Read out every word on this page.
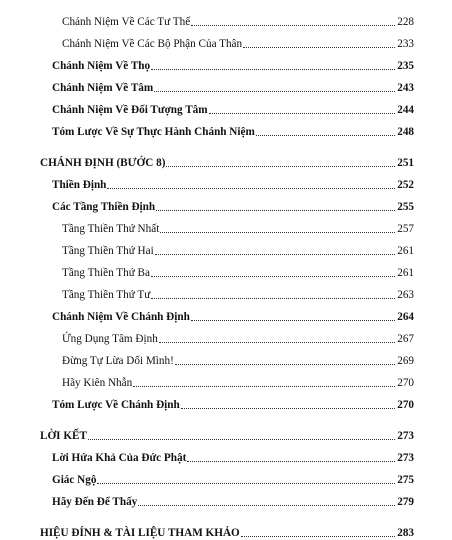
Chánh Niệm Về Các Tư Thế	228
Chánh Niệm Về Các Bộ Phận Của Thân	233
Chánh Niệm Về Thọ	235
Chánh Niệm Về Tâm	243
Chánh Niệm Về Đối Tượng Tâm	244
Tóm Lược Về Sự Thực Hành Chánh Niệm	248
CHÁNH ĐỊNH (BƯỚC 8)	251
Thiền Định	252
Các Tầng Thiền Định	255
Tầng Thiền Thứ Nhất	257
Tầng Thiền Thứ Hai	261
Tầng Thiền Thứ Ba	261
Tầng Thiền Thứ Tư	263
Chánh Niệm Về Chánh Định	264
Ứng Dụng Tâm Định	267
Đừng Tự Lừa Dối Mình!	269
Hãy Kiên Nhẫn	270
Tóm Lược Về Chánh Định	270
LỜI KẾT	273
Lời Hứa Khả Của Đức Phật	273
Giác Ngộ	275
Hãy Đến Để Thấy	279
HIỆU ĐÍNH & TÀI LIỆU THAM KHẢO	283
